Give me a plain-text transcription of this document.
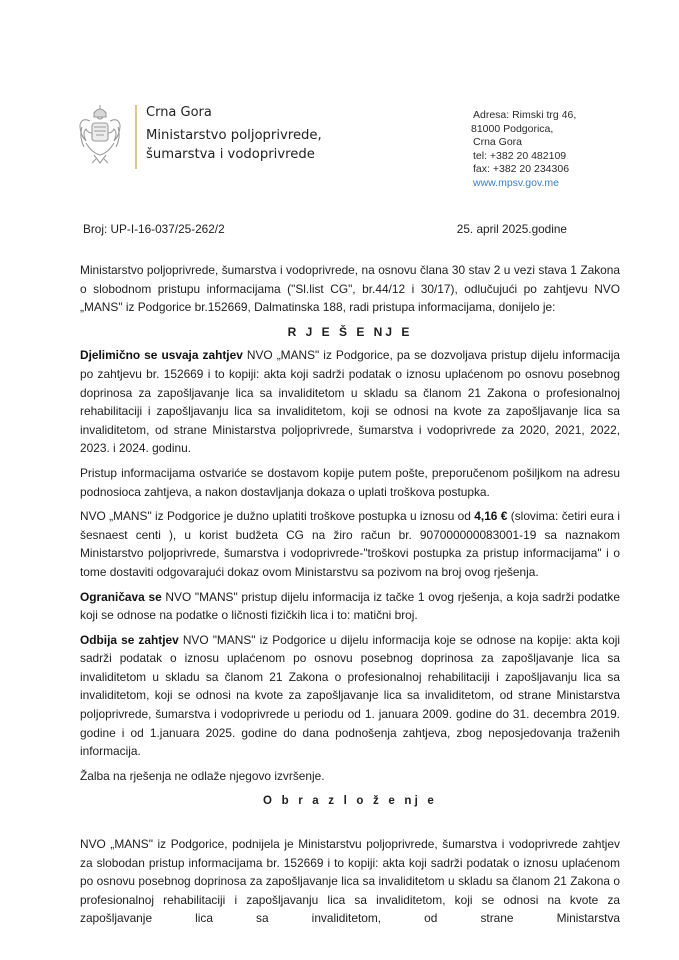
Crna Gora
Ministarstvo poljoprivrede,
šumarstva i vodoprivrede
Adresa: Rimski trg 46,
81000 Podgorica,
Crna Gora
tel: +382 20 482109
fax: +382 20 234306
www.mpsv.gov.me
Broj: UP-I-16-037/25-262/2	25. april 2025.godine

Ministarstvo poljoprivrede, šumarstva i vodoprivrede, na osnovu člana 30 stav 2 u vezi stava 1 Zakona o slobodnom pristupu informacijama ("Sl.list CG", br.44/12 i 30/17), odlučujući po zahtjevu NVO „MANS" iz Podgorice br.152669, Dalmatinska 188, radi pristupa informacijama, donijelo je:

R J E Š E NJ E

Djelimično se usvaja zahtjev NVO „MANS" iz Podgorice, pa se dozvoljava pristup dijelu informacija po zahtjevu br. 152669 i to kopiji: akta koji sadrži podatak o iznosu uplaćenom po osnovu posebnog doprinosa za zapošljavanje lica sa invaliditetom u skladu sa članom 21 Zakona o profesionalnoj rehabilitaciji i zapošljavanju lica sa invaliditetom, koji se odnosi na kvote za zapošljavanje lica sa invaliditetom, od strane Ministarstva poljoprivrede, šumarstva i vodoprivrede za 2020, 2021, 2022, 2023. i 2024. godinu.

Pristup informacijama ostvariće se dostavom kopije putem pošte, preporučenom pošiljkom na adresu podnosioca zahtjeva, a nakon dostavljanja dokaza o uplati troškova postupka.

NVO „MANS" iz Podgorice je dužno uplatiti troškove postupka u iznosu od 4,16 € (slovima: četiri eura i šesnaest centi ), u korist budžeta CG na žiro račun br. 907000000083001-19 sa naznakom Ministarstvo poljoprivrede, šumarstva i vodoprivrede-"troškovi postupka za pristup informacijama" i o tome dostaviti odgovarajući dokaz ovom Ministarstvu sa pozivom na broj ovog rješenja.

Ograničava se NVO "MANS" pristup dijelu informacija iz tačke 1 ovog rješenja, a koja sadrži podatke koji se odnose na podatke o ličnosti fizičkih lica i to: matični broj.

Odbija se zahtjev NVO "MANS" iz Podgorice u dijelu informacija koje se odnose na kopije: akta koji sadrži podatak o iznosu uplaćenom po osnovu posebnog doprinosa za zapošljavanje lica sa invaliditetom u skladu sa članom 21 Zakona o profesionalnoj rehabilitaciji i zapošljavanju lica sa invaliditetom, koji se odnosi na kvote za zapošljavanje lica sa invaliditetom, od strane Ministarstva poljoprivrede, šumarstva i vodoprivrede u periodu od 1. januara 2009. godine do 31. decembra 2019. godine i od 1.januara 2025. godine do dana podnošenja zahtjeva, zbog neposjedovanja traženih informacija.

Žalba na rješenja ne odlaže njegovo izvršenje.

O b r a z l o ž e nj e

NVO „MANS" iz Podgorice, podnijela je Ministarstvu poljoprivrede, šumarstva i vodoprivrede zahtjev za slobodan pristup informacijama br. 152669 i to kopiji: akta koji sadrži podatak o iznosu uplaćenom po osnovu posebnog doprinosa za zapošljavanje lica sa invaliditetom u skladu sa članom 21 Zakona o profesionalnoj rehabilitaciji i zapošljavanju lica sa invaliditetom, koji se odnosi na kvote za zapošljavanje lica sa invaliditetom, od strane Ministarstva
